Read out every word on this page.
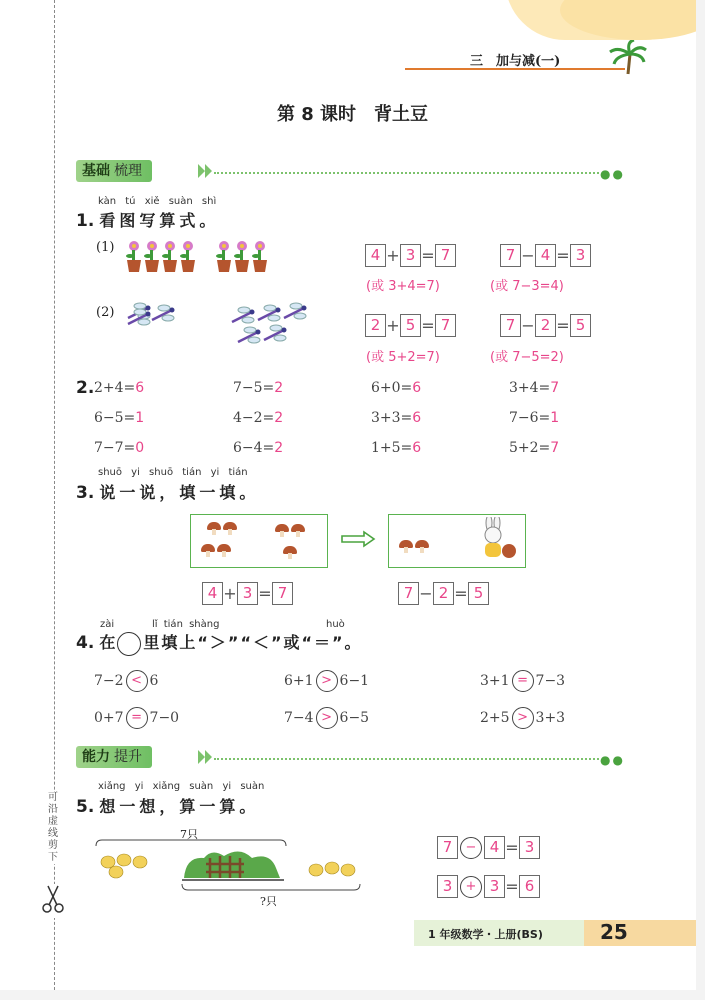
三　加与减(一)
第 8 课时　背土豆
基础 梳理	●●
kàn tú xiě suàn shì
1. 看图写算式。
(1)	4 + 3 = 7	7 − 4 = 3
(或 3+4=7)	(或 7−3=4)
(2)
2 + 5 = 7	7 − 2 = 5
(或 5+2=7)	(或 7−5=2)
2. 2+4=6	7−5=2	6+0=6	3+4=7
6−5=1	4−2=2	3+3=6	7−6=1
7−7=0	6−4=2	1+5=6	5+2=7
shuō yi shuō tián yi tián
3. 说一说，填一填。
4 + 3 = 7	7 − 2 = 5
zài	lǐ tián shàng	huò
4. 在 里填上“＞”“＜”或“＝”。
7−2 < 6	6+1 > 6−1	3+1 = 7−3
0+7 = 7−0	7−4 > 6−5	2+5 > 3+3
能力 提升	●●
xiǎng yi xiǎng suàn yi suàn
5. 想一想，算一算。
7只
?只
7 − 4 = 3
3 + 3 = 6
可沿虚线剪下
1 年级数学・上册(BS)	25
